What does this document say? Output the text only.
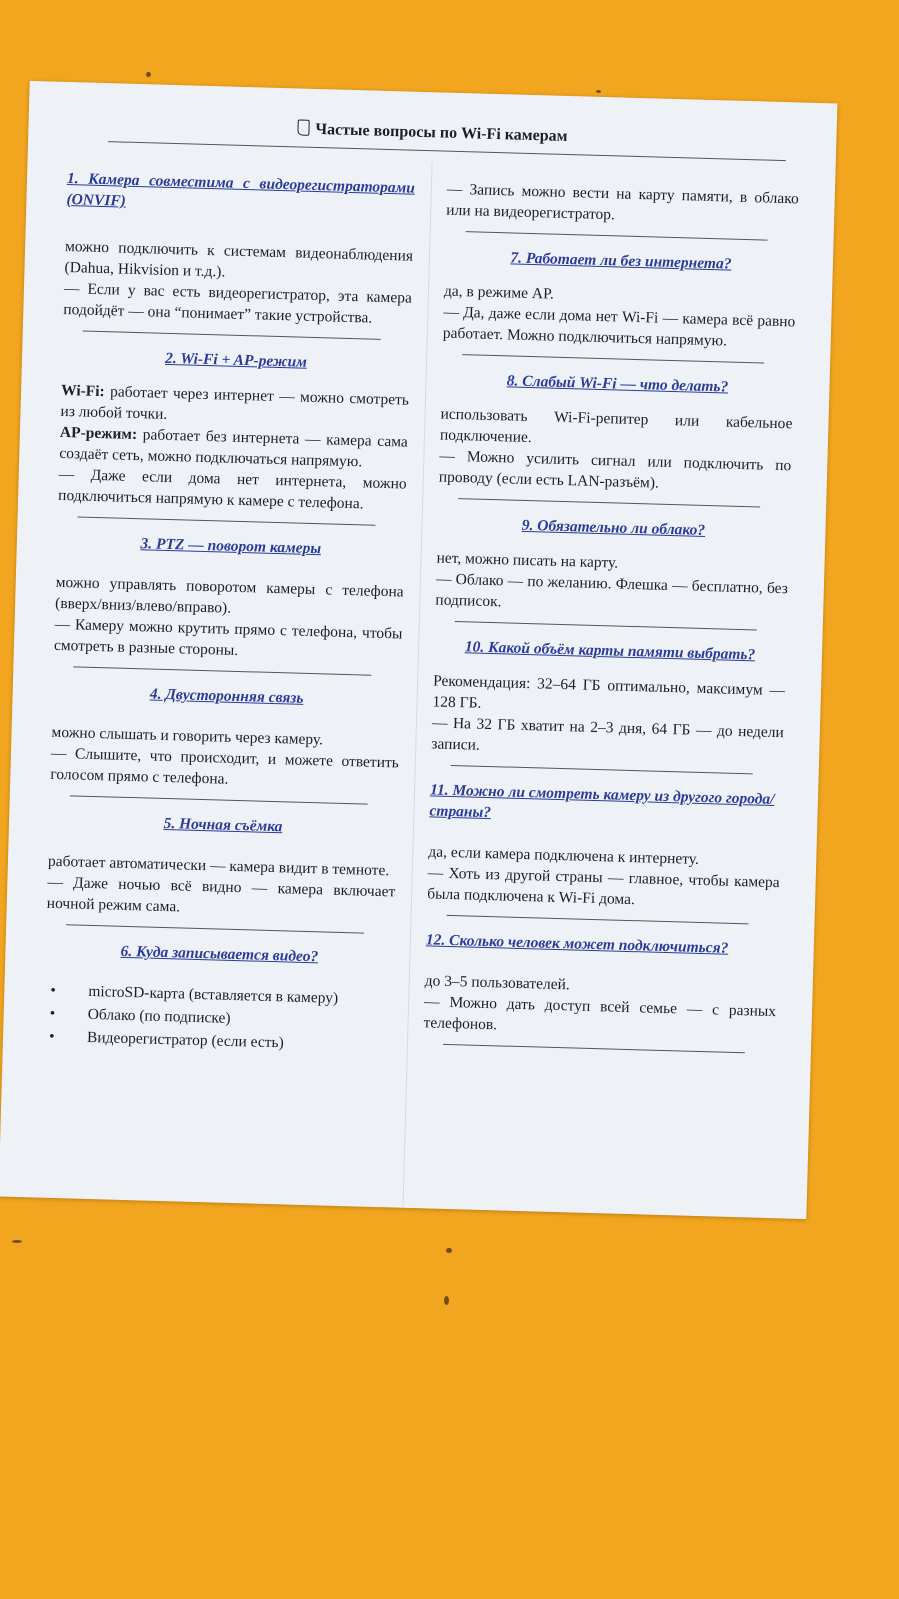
Частые вопросы по Wi-Fi камерам
1. Камера совместима с видеорегистраторами (ONVIF)

можно подключить к системам видеонаблюдения (Dahua, Hikvision и т.д.).

— Если у вас есть видеорегистратор, эта камера подойдёт — она “понимает” такие устройства.

2. Wi-Fi + AP-режим

Wi-Fi: работает через интернет — можно смотреть из любой точки.

AP-режим: работает без интернета — камера сама создаёт сеть, можно подключаться напрямую.

— Даже если дома нет интернета, можно подключиться напрямую к камере с телефона.

3. PTZ — поворот камеры

можно управлять поворотом камеры с телефона (вверх/вниз/влево/вправо).

— Камеру можно крутить прямо с телефона, чтобы смотреть в разные стороны.

4. Двусторонняя связь

можно слышать и говорить через камеру.

— Слышите, что происходит, и можете ответить голосом прямо с телефона.

5. Ночная съёмка

работает автоматически — камера видит в темноте.

— Даже ночью всё видно — камера включает ночной режим сама.

6. Куда записывается видео?
• microSD-карта (вставляется в камеру)
• Облако (по подписке)
• Видеорегистратор (если есть)

— Запись можно вести на карту памяти, в облако или на видеорегистратор.

7. Работает ли без интернета?

да, в режиме AP.

— Да, даже если дома нет Wi-Fi — камера всё равно работает. Можно подключиться напрямую.

8. Слабый Wi-Fi — что делать?

использовать Wi-Fi-репитер или кабельное подключение.

— Можно усилить сигнал или подключить по проводу (если есть LAN-разъём).

9. Обязательно ли облако?

нет, можно писать на карту.

— Облако — по желанию. Флешка — бесплатно, без подписок.

10. Какой объём карты памяти выбрать?

Рекомендация: 32–64 ГБ оптимально, максимум — 128 ГБ.

— На 32 ГБ хватит на 2–3 дня, 64 ГБ — до недели записи.

11. Можно ли смотреть камеру из другого города/страны?

да, если камера подключена к интернету.

— Хоть из другой страны — главное, чтобы камера была подключена к Wi-Fi дома.

12. Сколько человек может подключиться?

до 3–5 пользователей.

— Можно дать доступ всей семье — с разных телефонов.
